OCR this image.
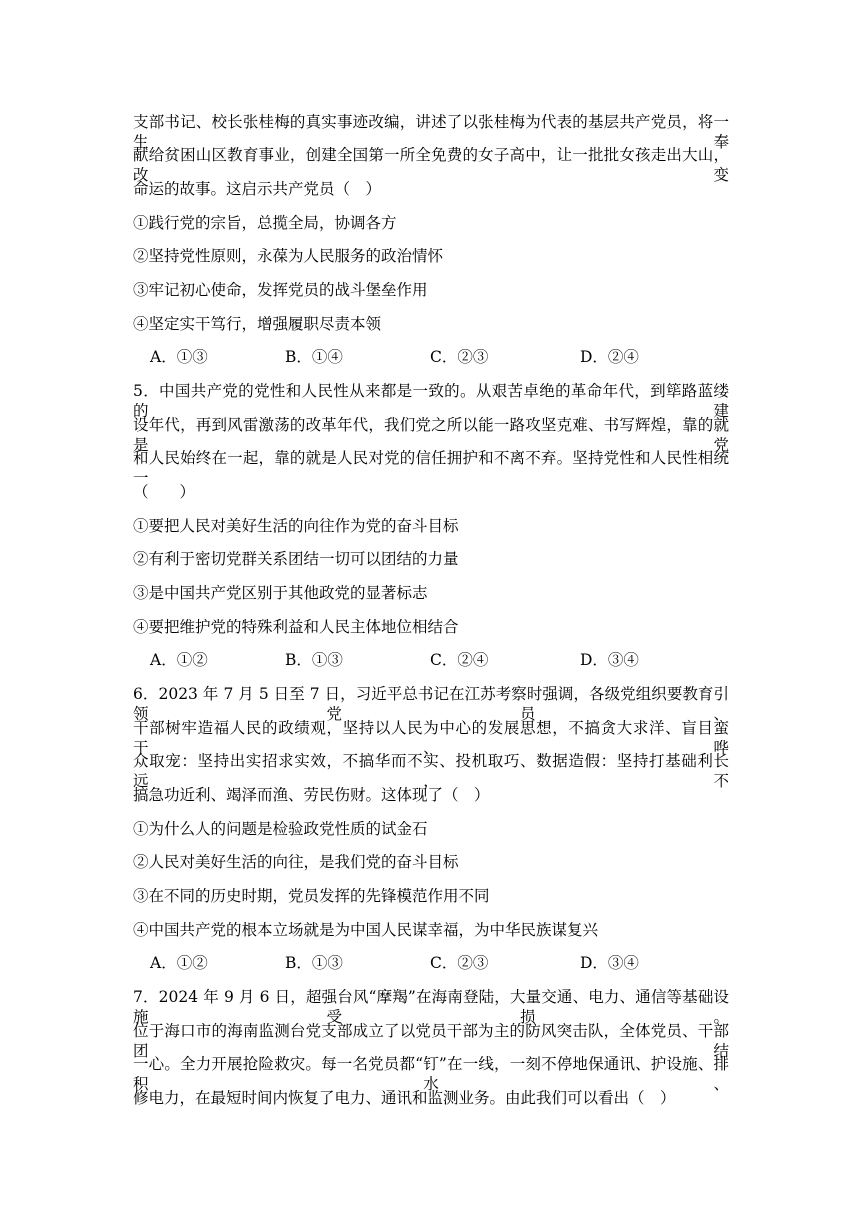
支部书记、校长张桂梅的真实事迹改编，讲述了以张桂梅为代表的基层共产党员，将一生奉
献给贫困山区教育事业，创建全国第一所全免费的女子高中，让一批批女孩走出大山，改变
命运的故事。这启示共产党员（　）
①践行党的宗旨，总揽全局，协调各方
②坚持党性原则，永葆为人民服务的政治情怀
③牢记初心使命，发挥党员的战斗堡垒作用
④坚定实干笃行，增强履职尽责本领
A．①③	B．①④	C．②③	D．②④
5．中国共产党的党性和人民性从来都是一致的。从艰苦卓绝的革命年代，到筚路蓝缕的建
设年代，再到风雷激荡的改革年代，我们党之所以能一路攻坚克难、书写辉煌，靠的就是党
和人民始终在一起，靠的就是人民对党的信任拥护和不离不弃。坚持党性和人民性相统一
（　　）
①要把人民对美好生活的向往作为党的奋斗目标
②有利于密切党群关系团结一切可以团结的力量
③是中国共产党区别于其他政党的显著标志
④要把维护党的特殊利益和人民主体地位相结合
A．①②	B．①③	C．②④	D．③④
6．2023 年 7 月 5 日至 7 日，习近平总书记在江苏考察时强调，各级党组织要教育引领党员、
干部树牢造福人民的政绩观，坚持以人民为中心的发展思想，不搞贪大求洋、盲目蛮干、哗
众取宠：坚持出实招求实效，不搞华而不实、投机取巧、数据造假：坚持打基础利长远，不
搞急功近利、竭泽而渔、劳民伤财。这体现了（　）
①为什么人的问题是检验政党性质的试金石
②人民对美好生活的向往，是我们党的奋斗目标
③在不同的历史时期，党员发挥的先锋模范作用不同
④中国共产党的根本立场就是为中国人民谋幸福，为中华民族谋复兴
A．①②	B．①③	C．②③	D．③④
7．2024 年 9 月 6 日，超强台风“摩羯”在海南登陆，大量交通、电力、通信等基础设施受损。
位于海口市的海南监测台党支部成立了以党员干部为主的防风突击队，全体党员、干部团结
一心。全力开展抢险救灾。每一名党员都“钉”在一线，一刻不停地保通讯、护设施、排积水、
修电力，在最短时间内恢复了电力、通讯和监测业务。由此我们可以看出（　）
